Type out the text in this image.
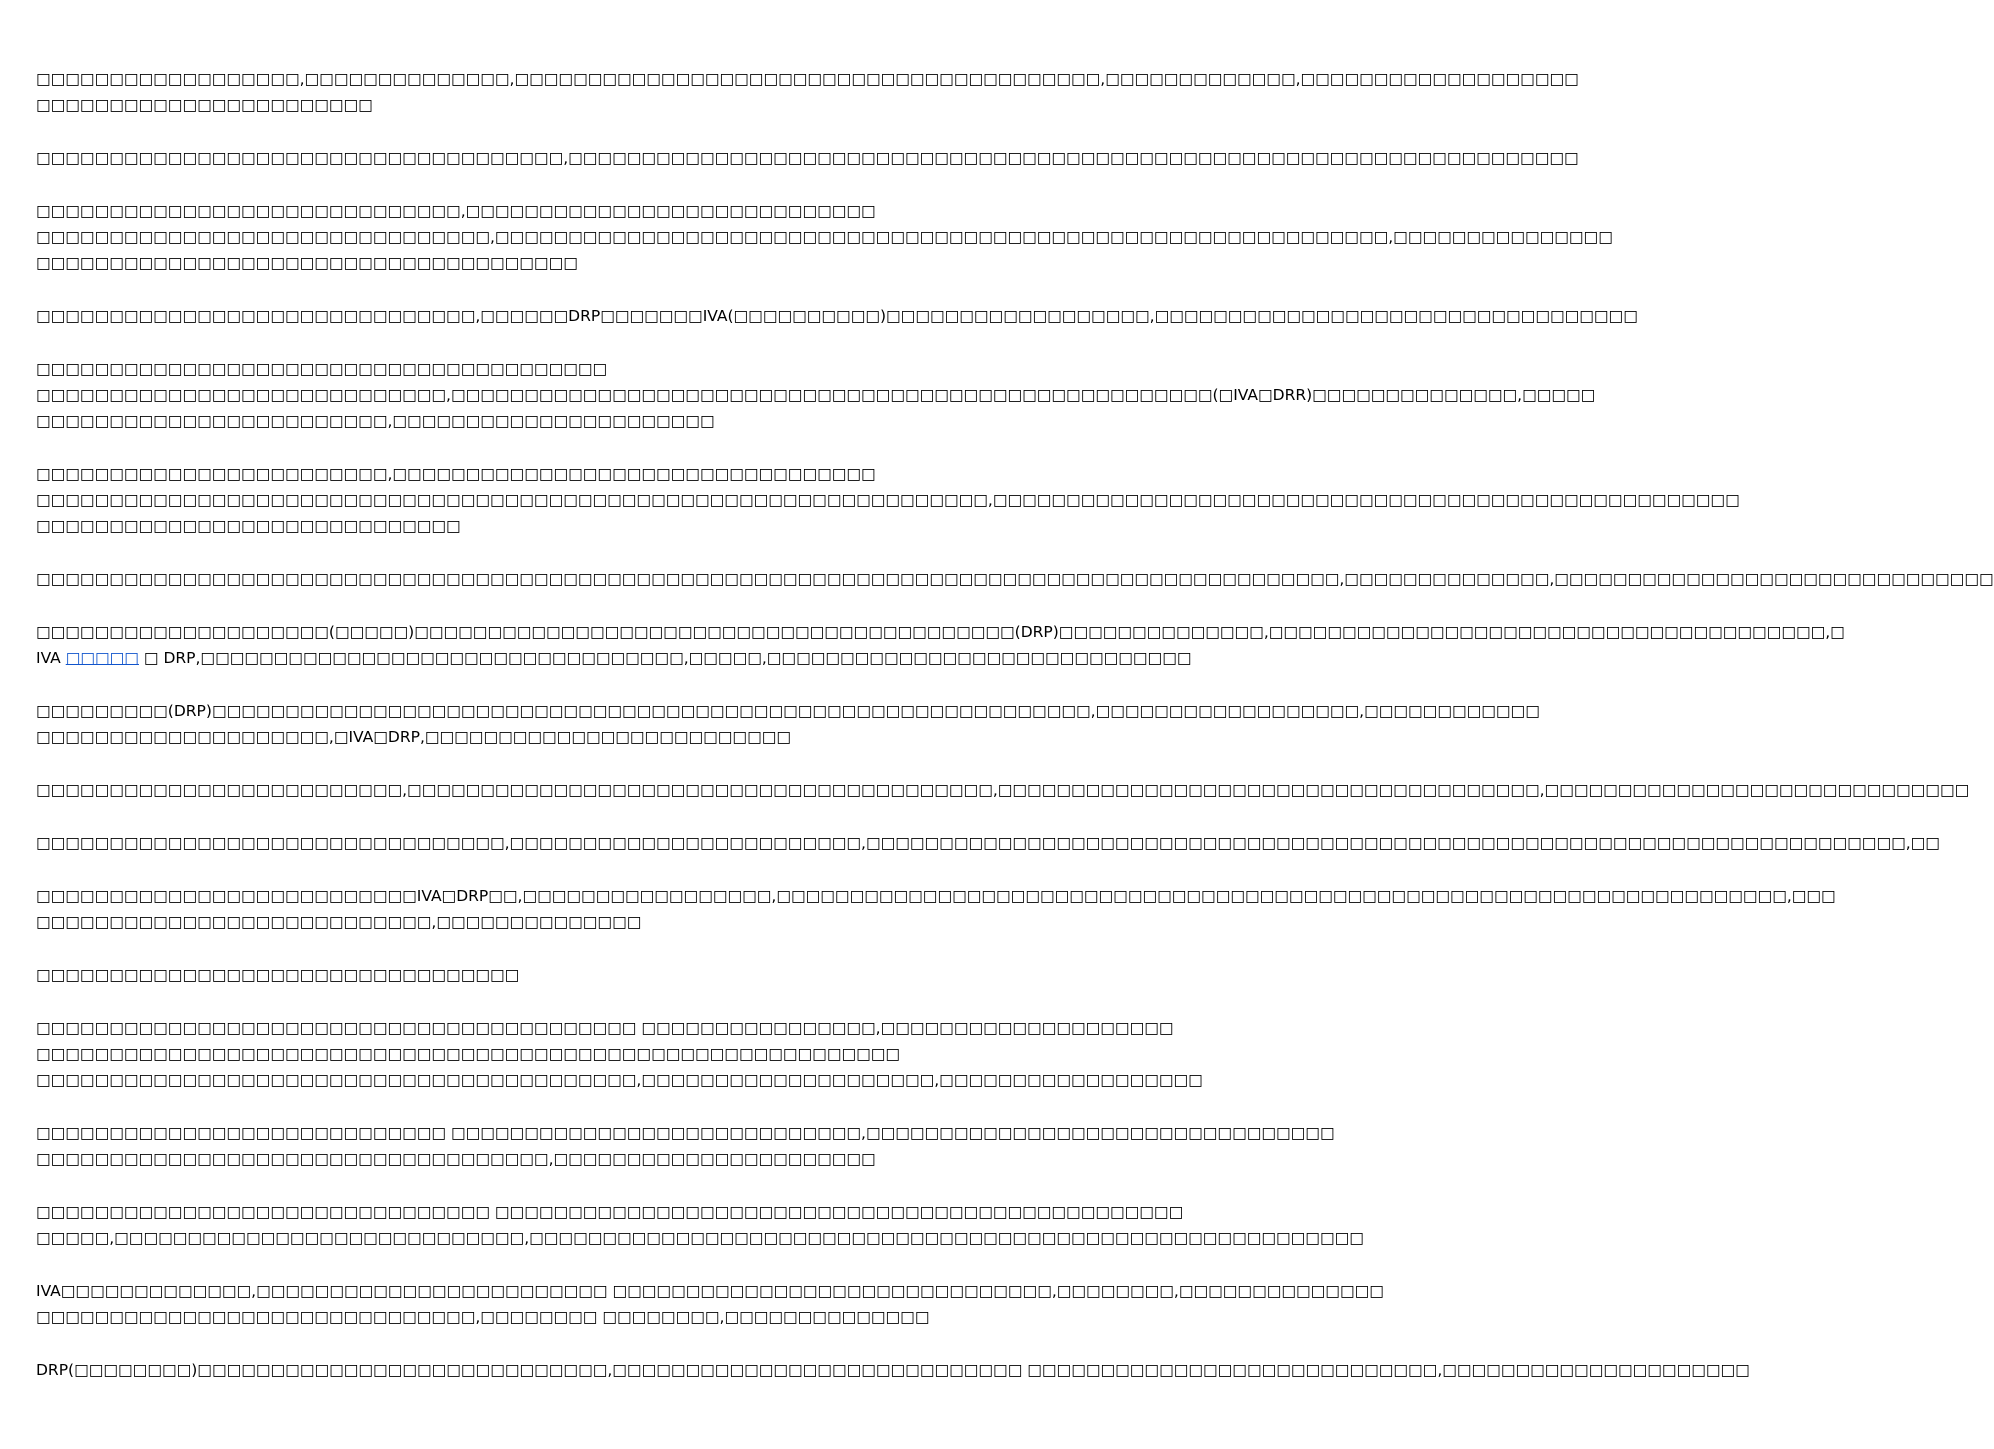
□□□□□□□□□□□□□□□□□□,□□□□□□□□□□□□□□,□□□□□□□□□□□□□□□□□□□□□□□□□□□□□□□□□□□□□□□□,□□□□□□□□□□□□□,□□□□□□□□□□□□□□□□□□□
□□□□□□□□□□□□□□□□□□□□□□□

□□□□□□□□□□□□□□□□□□□□□□□□□□□□□□□□□□□□,□□□□□□□□□□□□□□□□□□□□□□□□□□□□□□□□□□□□□□□□□□□□□□□□□□□□□□□□□□□□□□□□□□□□□

□□□□□□□□□□□□□□□□□□□□□□□□□□□□□,□□□□□□□□□□□□□□□□□□□□□□□□□□□□
□□□□□□□□□□□□□□□□□□□□□□□□□□□□□□□,□□□□□□□□□□□□□□□□□□□□□□□□□□□□□□□□□□□□□□□□□□□□□□□□□□□□□□□□□□□□□,□□□□□□□□□□□□□□□
□□□□□□□□□□□□□□□□□□□□□□□□□□□□□□□□□□□□□

□□□□□□□□□□□□□□□□□□□□□□□□□□□□□□,□□□□□□DRP□□□□□□□IVA(□□□□□□□□□□)□□□□□□□□□□□□□□□□□□,□□□□□□□□□□□□□□□□□□□□□□□□□□□□□□□□□

□□□□□□□□□□□□□□□□□□□□□□□□□□□□□□□□□□□□□□□
□□□□□□□□□□□□□□□□□□□□□□□□□□□□,□□□□□□□□□□□□□□□□□□□□□□□□□□□□□□□□□□□□□□□□□□□□□□□□□□□□(□IVA□DRR)□□□□□□□□□□□□□□,□□□□□
□□□□□□□□□□□□□□□□□□□□□□□□,□□□□□□□□□□□□□□□□□□□□□□

□□□□□□□□□□□□□□□□□□□□□□□□,□□□□□□□□□□□□□□□□□□□□□□□□□□□□□□□□□
□□□□□□□□□□□□□□□□□□□□□□□□□□□□□□□□□□□□□□□□□□□□□□□□□□□□□□□□□□□□□□□□□,□□□□□□□□□□□□□□□□□□□□□□□□□□□□□□□□□□□□□□□□□□□□□□□□□□□
□□□□□□□□□□□□□□□□□□□□□□□□□□□□□

□□□□□□□□□□□□□□□□□□□□□□□□□□□□□□□□□□□□□□□□□□□□□□□□□□□□□□□□□□□□□□□□□□□□□□□□□□□□□□□□□□□□□□□□□,□□□□□□□□□□□□□□,□□□□□□□□□□□□□□□□□□□□□□□□□□□□□□

□□□□□□□□□□□□□□□□□□□□(□□□□□)□□□□□□□□□□□□□□□□□□□□□□□□□□□□□□□□□□□□□□□□□(DRP)□□□□□□□□□□□□□□,□□□□□□□□□□□□□□□□□□□□□□□□□□□□□□□□□□□□□□,□
IVA □□□□□ □ DRP,□□□□□□□□□□□□□□□□□□□□□□□□□□□□□□□□□,□□□□□,□□□□□□□□□□□□□□□□□□□□□□□□□□□□□

□□□□□□□□□(DRP)□□□□□□□□□□□□□□□□□□□□□□□□□□□□□□□□□□□□□□□□□□□□□□□□□□□□□□□□□□□□,□□□□□□□□□□□□□□□□□□,□□□□□□□□□□□□
□□□□□□□□□□□□□□□□□□□□,□IVA□DRP,□□□□□□□□□□□□□□□□□□□□□□□□□

□□□□□□□□□□□□□□□□□□□□□□□□□,□□□□□□□□□□□□□□□□□□□□□□□□□□□□□□□□□□□□□□□□,□□□□□□□□□□□□□□□□□□□□□□□□□□□□□□□□□□□□□,□□□□□□□□□□□□□□□□□□□□□□□□□□□□□

□□□□□□□□□□□□□□□□□□□□□□□□□□□□□□□□,□□□□□□□□□□□□□□□□□□□□□□□□,□□□□□□□□□□□□□□□□□□□□□□□□□□□□□□□□□□□□□□□□□□□□□□□□□□□□□□□□□□□□□□□□□□□□□□□,□□

□□□□□□□□□□□□□□□□□□□□□□□□□□IVA□DRP□□,□□□□□□□□□□□□□□□□□,□□□□□□□□□□□□□□□□□□□□□□□□□□□□□□□□□□□□□□□□□□□□□□□□□□□□□□□□□□□□□□□□□□□□□,□□□
□□□□□□□□□□□□□□□□□□□□□□□□□□□,□□□□□□□□□□□□□□

□□□□□□□□□□□□□□□□□□□□□□□□□□□□□□□□□

□□□□□□□□□□□□□□□□□□□□□□□□□□□□□□□□□□□□□□□□□ □□□□□□□□□□□□□□□□,□□□□□□□□□□□□□□□□□□□□
□□□□□□□□□□□□□□□□□□□□□□□□□□□□□□□□□□□□□□□□□□□□□□□□□□□□□□□□□□□
□□□□□□□□□□□□□□□□□□□□□□□□□□□□□□□□□□□□□□□□□,□□□□□□□□□□□□□□□□□□□□,□□□□□□□□□□□□□□□□□□

□□□□□□□□□□□□□□□□□□□□□□□□□□□□ □□□□□□□□□□□□□□□□□□□□□□□□□□□□,□□□□□□□□□□□□□□□□□□□□□□□□□□□□□□□□
□□□□□□□□□□□□□□□□□□□□□□□□□□□□□□□□□□□,□□□□□□□□□□□□□□□□□□□□□□

□□□□□□□□□□□□□□□□□□□□□□□□□□□□□□□ □□□□□□□□□□□□□□□□□□□□□□□□□□□□□□□□□□□□□□□□□□□□□□□
□□□□□,□□□□□□□□□□□□□□□□□□□□□□□□□□□□,□□□□□□□□□□□□□□□□□□□□□□□□□□□□□□□□□□□□□□□□□□□□□□□□□□□□□□□□□

IVA□□□□□□□□□□□□□,□□□□□□□□□□□□□□□□□□□□□□□□ □□□□□□□□□□□□□□□□□□□□□□□□□□□□□□,□□□□□□□□,□□□□□□□□□□□□□□
□□□□□□□□□□□□□□□□□□□□□□□□□□□□□□,□□□□□□□□ □□□□□□□□,□□□□□□□□□□□□□□

DRP(□□□□□□□□)□□□□□□□□□□□□□□□□□□□□□□□□□□□□,□□□□□□□□□□□□□□□□□□□□□□□□□□□□ □□□□□□□□□□□□□□□□□□□□□□□□□□□□,□□□□□□□□□□□□□□□□□□□□□
